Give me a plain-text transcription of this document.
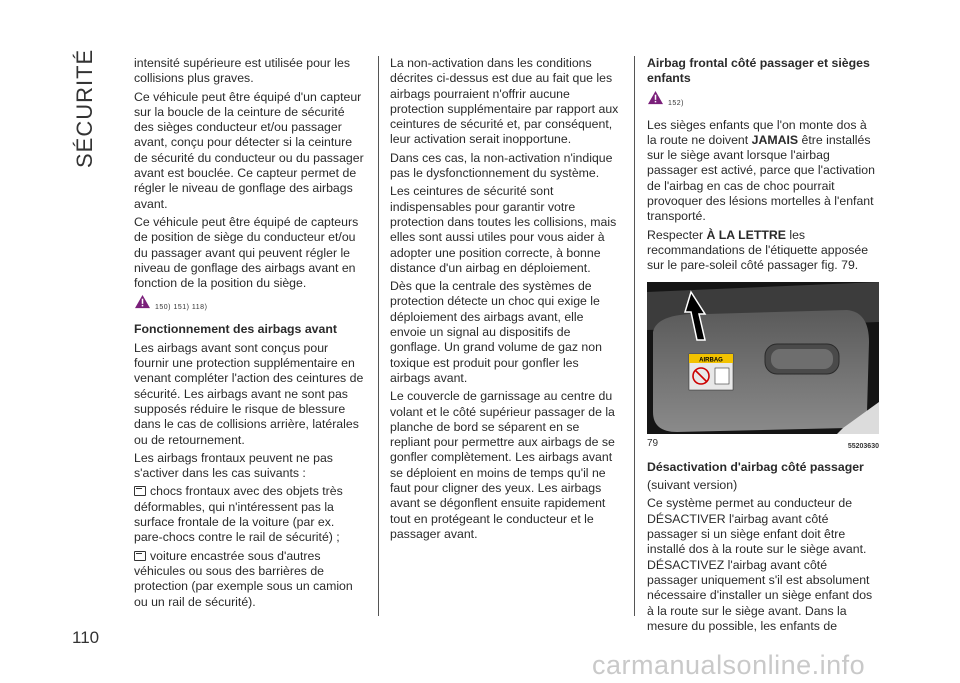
SÉCURITÉ
110

intensité supérieure est utilisée pour les collisions plus graves.

Ce véhicule peut être équipé d'un capteur sur la boucle de la ceinture de sécurité des sièges conducteur et/ou passager avant, conçu pour détecter si la ceinture de sécurité du conducteur ou du passager avant est bouclée. Ce capteur permet de régler le niveau de gonflage des airbags avant.

Ce véhicule peut être équipé de capteurs de position de siège du conducteur et/ou du passager avant qui peuvent régler le niveau de gonflage des airbags avant en fonction de la position du siège.

150) 151) 118)
Fonctionnement des airbags avant

Les airbags avant sont conçus pour fournir une protection supplémentaire en venant compléter l'action des ceintures de sécurité. Les airbags avant ne sont pas supposés réduire le risque de blessure dans le cas de collisions arrière, latérales ou de retournement.

Les airbags frontaux peuvent ne pas s'activer dans les cas suivants :

chocs frontaux avec des objets très déformables, qui n'intéressent pas la surface frontale de la voiture (par ex. pare-chocs contre le rail de sécurité) ;

voiture encastrée sous d'autres véhicules ou sous des barrières de protection (par exemple sous un camion ou un rail de sécurité).

La non-activation dans les conditions décrites ci-dessus est due au fait que les airbags pourraient n'offrir aucune protection supplémentaire par rapport aux ceintures de sécurité et, par conséquent, leur activation serait inopportune.

Dans ces cas, la non-activation n'indique pas le dysfonctionnement du système.

Les ceintures de sécurité sont indispensables pour garantir votre protection dans toutes les collisions, mais elles sont aussi utiles pour vous aider à adopter une position correcte, à bonne distance d'un airbag en déploiement.

Dès que la centrale des systèmes de protection détecte un choc qui exige le déploiement des airbags avant, elle envoie un signal au dispositifs de gonflage. Un grand volume de gaz non toxique est produit pour gonfler les airbags avant.

Le couvercle de garnissage au centre du volant et le côté supérieur passager de la planche de bord se séparent en se repliant pour permettre aux airbags de se gonfler complètement. Les airbags avant se déploient en moins de temps qu'il ne faut pour cligner des yeux. Les airbags avant se dégonflent ensuite rapidement tout en protégeant le conducteur et le passager avant.

Airbag frontal côté passager et sièges enfants
152)

Les sièges enfants que l'on monte dos à la route ne doivent JAMAIS être installés sur le siège avant lorsque l'airbag passager est activé, parce que l'activation de l'airbag en cas de choc pourrait provoquer des lésions mortelles à l'enfant transporté.

Respecter À LA LETTRE les recommandations de l'étiquette apposée sur le pare-soleil côté passager fig. 79.

AIRBAG
79	55203630
Désactivation d'airbag côté passager

(suivant version)

Ce système permet au conducteur de DÉSACTIVER l'airbag avant côté passager si un siège enfant doit être installé dos à la route sur le siège avant. DÉSACTIVEZ l'airbag avant côté passager uniquement s'il est absolument nécessaire d'installer un siège enfant dos à la route sur le siège avant. Dans la mesure du possible, les enfants de

carmanualsonline.info
